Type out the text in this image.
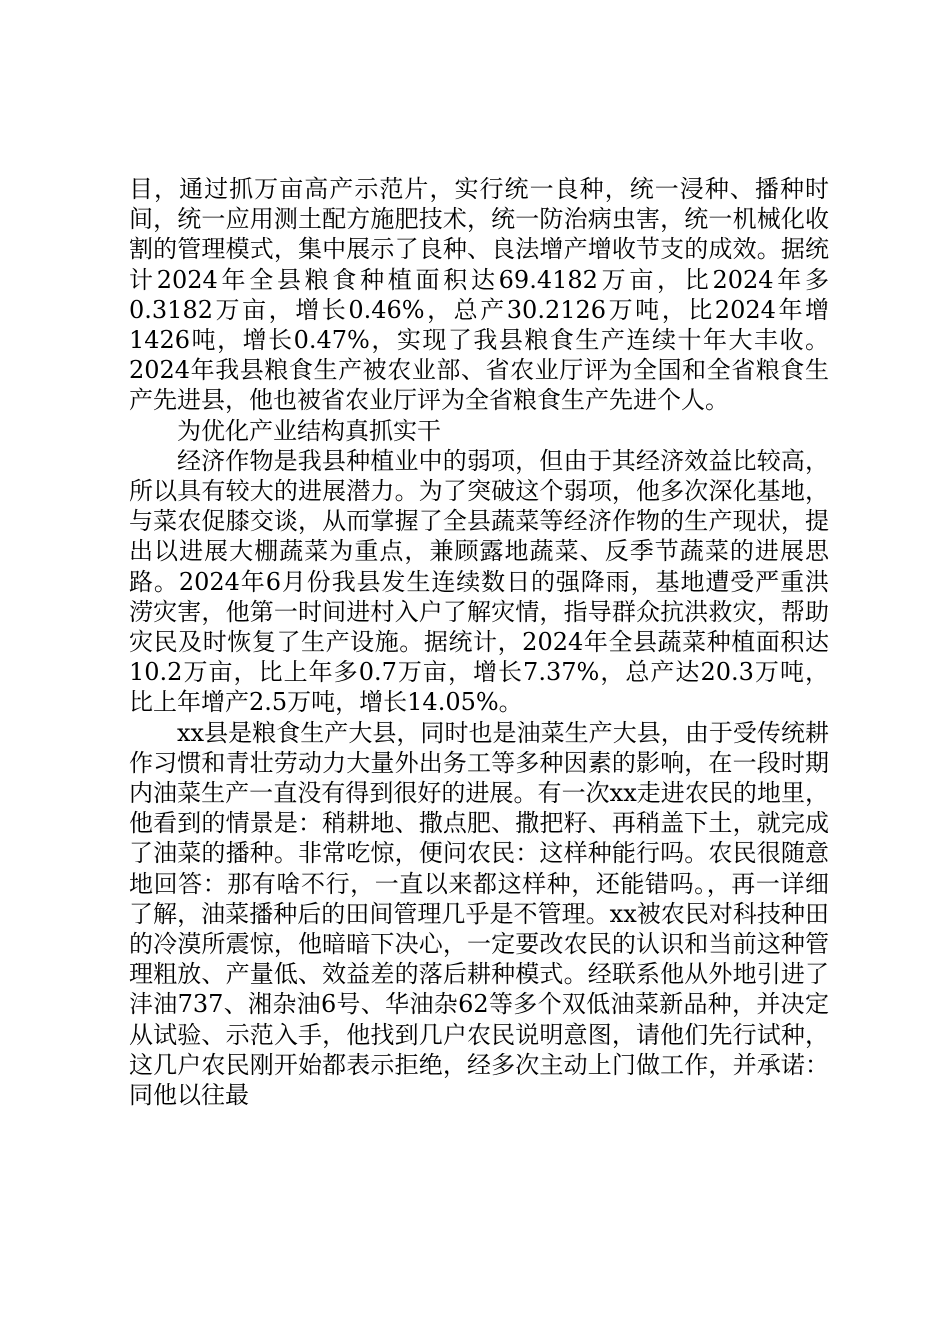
目，通过抓万亩高产示范片，实行统一良种，统一浸种、播种时间，统一应用测土配方施肥技术，统一防治病虫害，统一机械化收割的管理模式，集中展示了良种、良法增产增收节支的成效。据统计2024年全县粮食种植面积达69.4182万亩，比2024年多0.3182万亩，增长0.46%，总产30.2126万吨，比2024年增1426吨，增长0.47%，实现了我县粮食生产连续十年大丰收。2024年我县粮食生产被农业部、省农业厅评为全国和全省粮食生产先进县，他也被省农业厅评为全省粮食生产先进个人。

为优化产业结构真抓实干

经济作物是我县种植业中的弱项，但由于其经济效益比较高，所以具有较大的进展潜力。为了突破这个弱项，他多次深化基地，与菜农促膝交谈，从而掌握了全县蔬菜等经济作物的生产现状，提出以进展大棚蔬菜为重点，兼顾露地蔬菜、反季节蔬菜的进展思路。2024年6月份我县发生连续数日的强降雨，基地遭受严重洪涝灾害，他第一时间进村入户了解灾情，指导群众抗洪救灾，帮助灾民及时恢复了生产设施。据统计，2024年全县蔬菜种植面积达10.2万亩，比上年多0.7万亩，增长7.37%，总产达20.3万吨，比上年增产2.5万吨，增长14.05%。

xx县是粮食生产大县，同时也是油菜生产大县，由于受传统耕作习惯和青壮劳动力大量外出务工等多种因素的影响，在一段时期内油菜生产一直没有得到很好的进展。有一次xx走进农民的地里，他看到的情景是：稍耕地、撒点肥、撒把籽、再稍盖下土，就完成了油菜的播种。非常吃惊，便问农民：这样种能行吗。农民很随意地回答：那有啥不行，一直以来都这样种，还能错吗。，再一详细了解，油菜播种后的田间管理几乎是不管理。xx被农民对科技种田的冷漠所震惊，他暗暗下决心，一定要改农民的认识和当前这种管理粗放、产量低、效益差的落后耕种模式。经联系他从外地引进了沣油737、湘杂油6号、华油杂62等多个双低油菜新品种，并决定从试验、示范入手，他找到几户农民说明意图，请他们先行试种，这几户农民刚开始都表示拒绝，经多次主动上门做工作，并承诺：同他以往最
